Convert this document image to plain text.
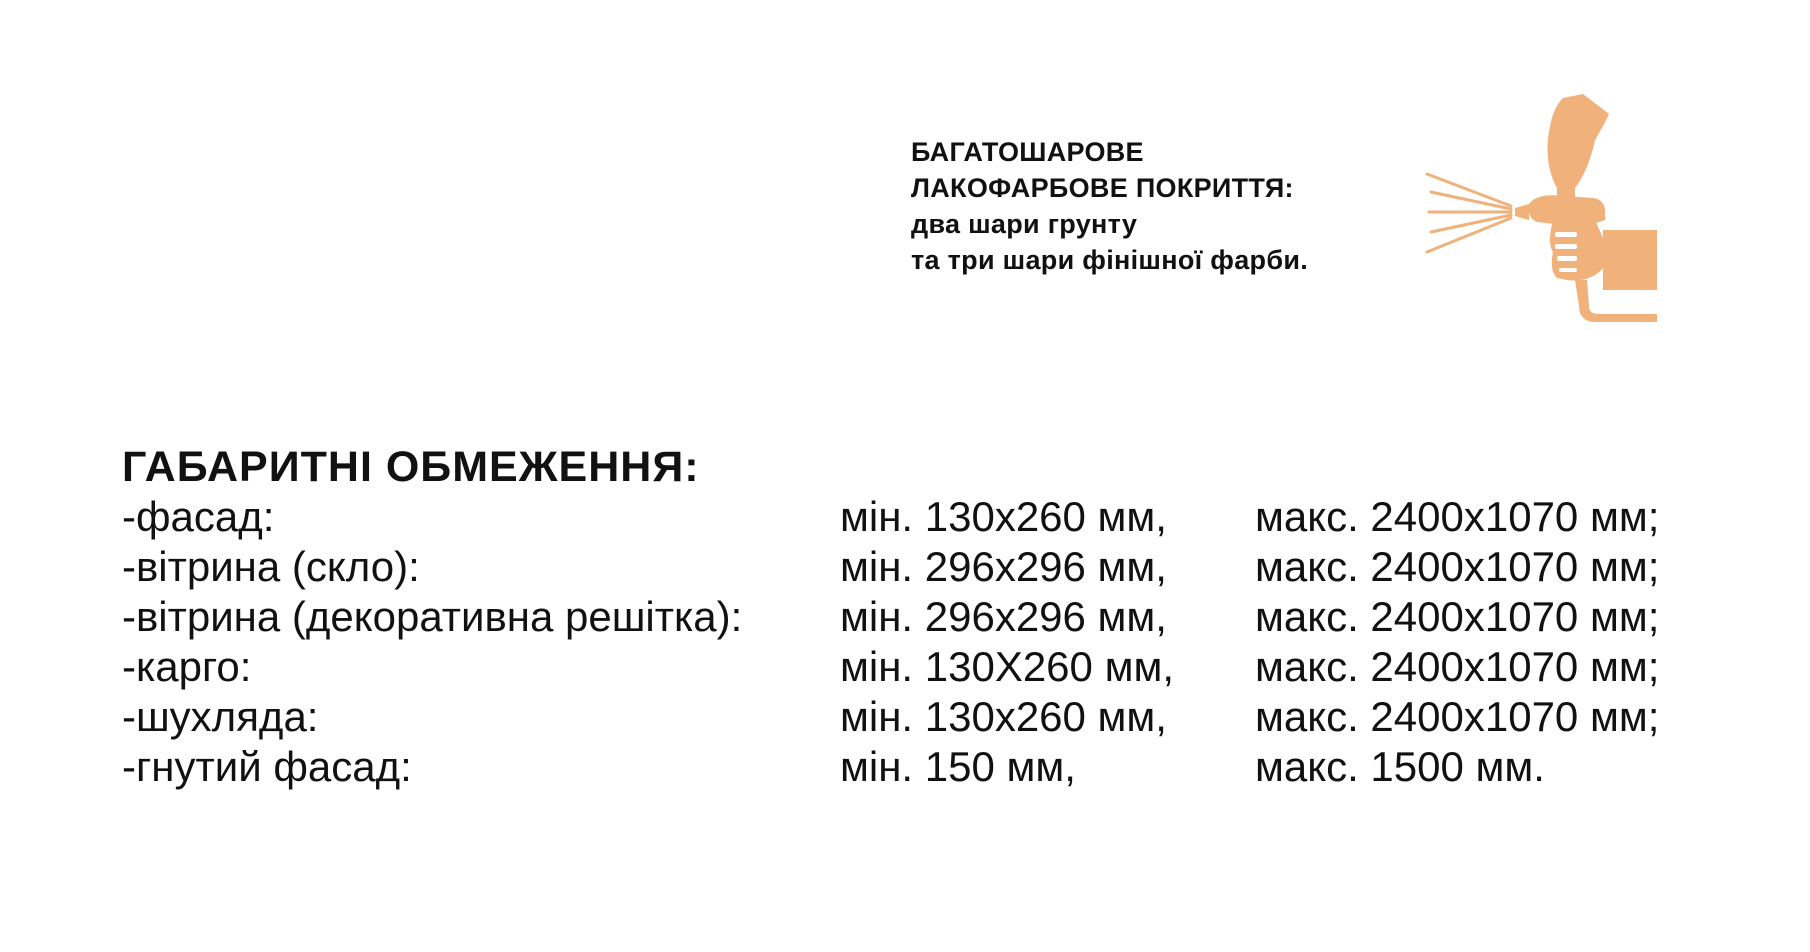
БАГАТОШАРОВЕ
ЛАКОФАРБОВЕ ПОКРИТТЯ:
два шари грунту
та три шари фінішної фарби.
ГАБАРИТНІ ОБМЕЖЕННЯ:
-фасад:	мін. 130х260 мм, макс. 2400х1070 мм;
-вітрина (скло):	мін. 296х296 мм, макс. 2400х1070 мм;
-вітрина (декоративна решітка): мін. 296х296 мм, макс. 2400х1070 мм;
-карго:	мін. 130Х260 мм, макс. 2400х1070 мм;
-шухляда:	мін. 130х260 мм, макс. 2400х1070 мм;
-гнутий фасад:	мін. 150 мм,	макс. 1500 мм.
